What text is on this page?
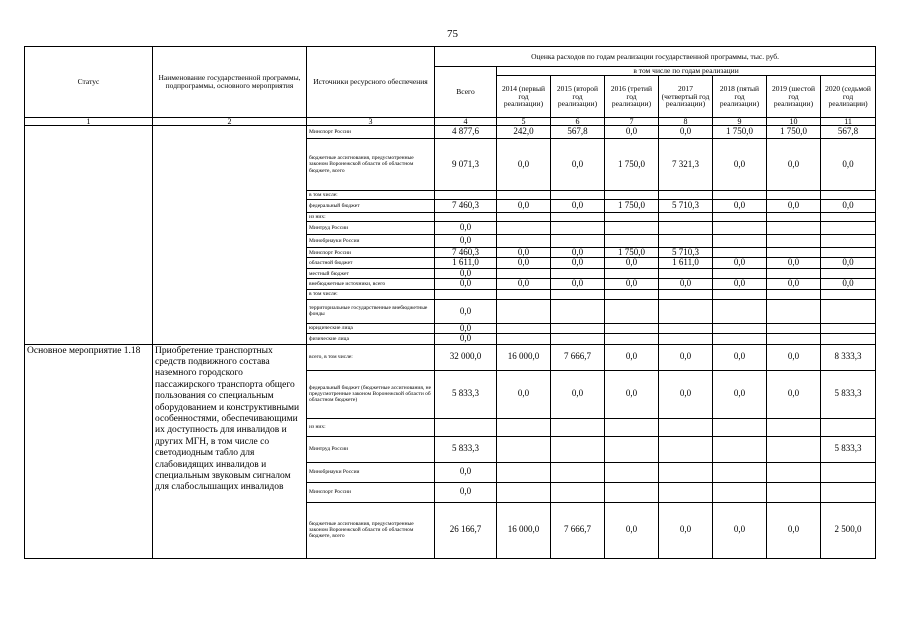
75
Статус	Наименование государственной программы, подпрограммы, основного мероприятия	Источники ресурсного обеспечения	Оценка расходов по годам реализации государственной программы, тыс. руб.							
			Всего	в том числе по годам реализации						
				2014 (первый год реализации)	2015 (второй год реализации)	2016 (третий год реализации)	2017 (четвертый год реализации)	2018 (пятый год реализации)	2019 (шестой год реализации)	2020 (седьмой год реализации)
1	2	3	4	5	6	7	8	9	10	11
		Минспорт России	4 877,6	242,0	567,8	0,0	0,0	1 750,0	1 750,0	567,8
		бюджетные ассигнования, предусмотренные законом Воронежской области об областном бюджете, всего	9 071,3	0,0	0,0	1 750,0	7 321,3	0,0	0,0	0,0
		в том числе:								
		федеральный бюджет	7 460,3	0,0	0,0	1 750,0	5 710,3	0,0	0,0	0,0
		из них:								
		Минтруд России	0,0							
		Минобрнауки России	0,0							
		Минспорт России	7 460,3	0,0	0,0	1 750,0	5 710,3			
		областной бюджет	1 611,0	0,0	0,0	0,0	1 611,0	0,0	0,0	0,0
		местный бюджет	0,0							
		внебюджетные источники, всего	0,0	0,0	0,0	0,0	0,0	0,0	0,0	0,0
		в том числе:								
		территориальные государственные внебюджетные фонды	0,0							
		юридические лица	0,0							
		физические лица	0,0							
Основное мероприятие 1.18	Приобретение транспортных средств подвижного состава наземного городского пассажирского транспорта общего пользования со специальным оборудованием и конструктивными особенностями, обеспечивающими их доступность для инвалидов и других МГН, в том числе со светодиодным табло для слабовидящих инвалидов и специальным звуковым сигналом для слабослышащих инвалидов	всего, в том числе:	32 000,0	16 000,0	7 666,7	0,0	0,0	0,0	0,0	8 333,3
		федеральный бюджет (бюджетные ассигнования, не предусмотренные законом Воронежской области об областном бюджете)	5 833,3	0,0	0,0	0,0	0,0	0,0	0,0	5 833,3
		из них:								
		Минтруд России	5 833,3							5 833,3
		Минобрнауки России	0,0							
		Минспорт России	0,0							
		бюджетные ассигнования, предусмотренные законом Воронежской области об областном бюджете, всего	26 166,7	16 000,0	7 666,7	0,0	0,0	0,0	0,0	2 500,0
